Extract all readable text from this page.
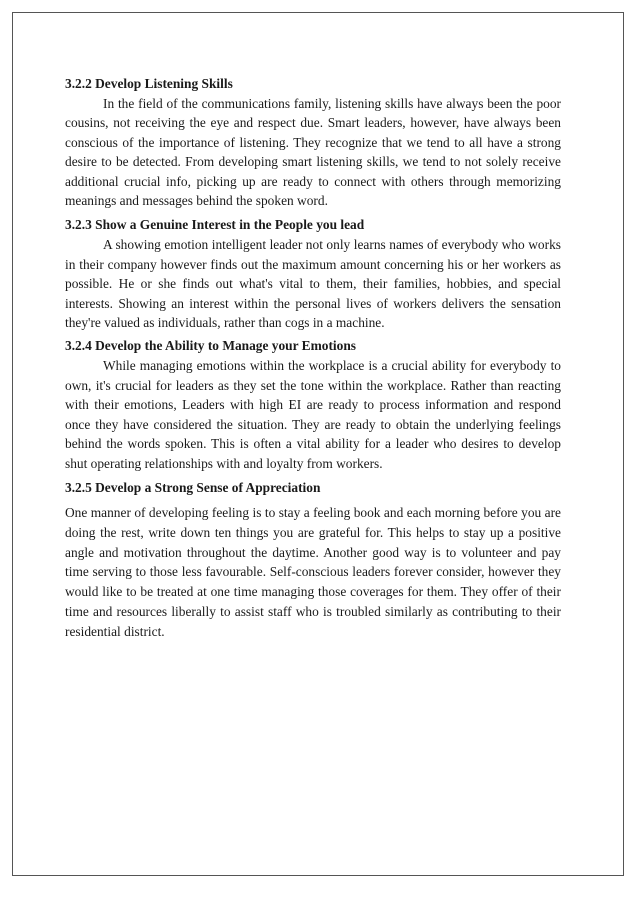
3.2.2 Develop Listening Skills

In the field of the communications family, listening skills have always been the poor cousins, not receiving the eye and respect due. Smart leaders, however, have always been conscious of the importance of listening. They recognize that we tend to all have a strong desire to be detected. From developing smart listening skills, we tend to not solely receive additional crucial info, picking up are ready to connect with others through memorizing meanings and messages behind the spoken word.

3.2.3 Show a Genuine Interest in the People you lead

A showing emotion intelligent leader not only learns names of everybody who works in their company however finds out the maximum amount concerning his or her workers as possible. He or she finds out what's vital to them, their families, hobbies, and special interests. Showing an interest within the personal lives of workers delivers the sensation they're valued as individuals, rather than cogs in a machine.

3.2.4 Develop the Ability to Manage your Emotions

While managing emotions within the workplace is a crucial ability for everybody to own, it's crucial for leaders as they set the tone within the workplace. Rather than reacting with their emotions, Leaders with high EI are ready to process information and respond once they have considered the situation. They are ready to obtain the underlying feelings behind the words spoken. This is often a vital ability for a leader who desires to develop shut operating relationships with and loyalty from workers.

3.2.5 Develop a Strong Sense of Appreciation

One manner of developing feeling is to stay a feeling book and each morning before you are doing the rest, write down ten things you are grateful for. This helps to stay up a positive angle and motivation throughout the daytime. Another good way is to volunteer and pay time serving to those less favourable. Self-conscious leaders forever consider, however they would like to be treated at one time managing those coverages for them. They offer of their time and resources liberally to assist staff who is troubled similarly as contributing to their residential district.
